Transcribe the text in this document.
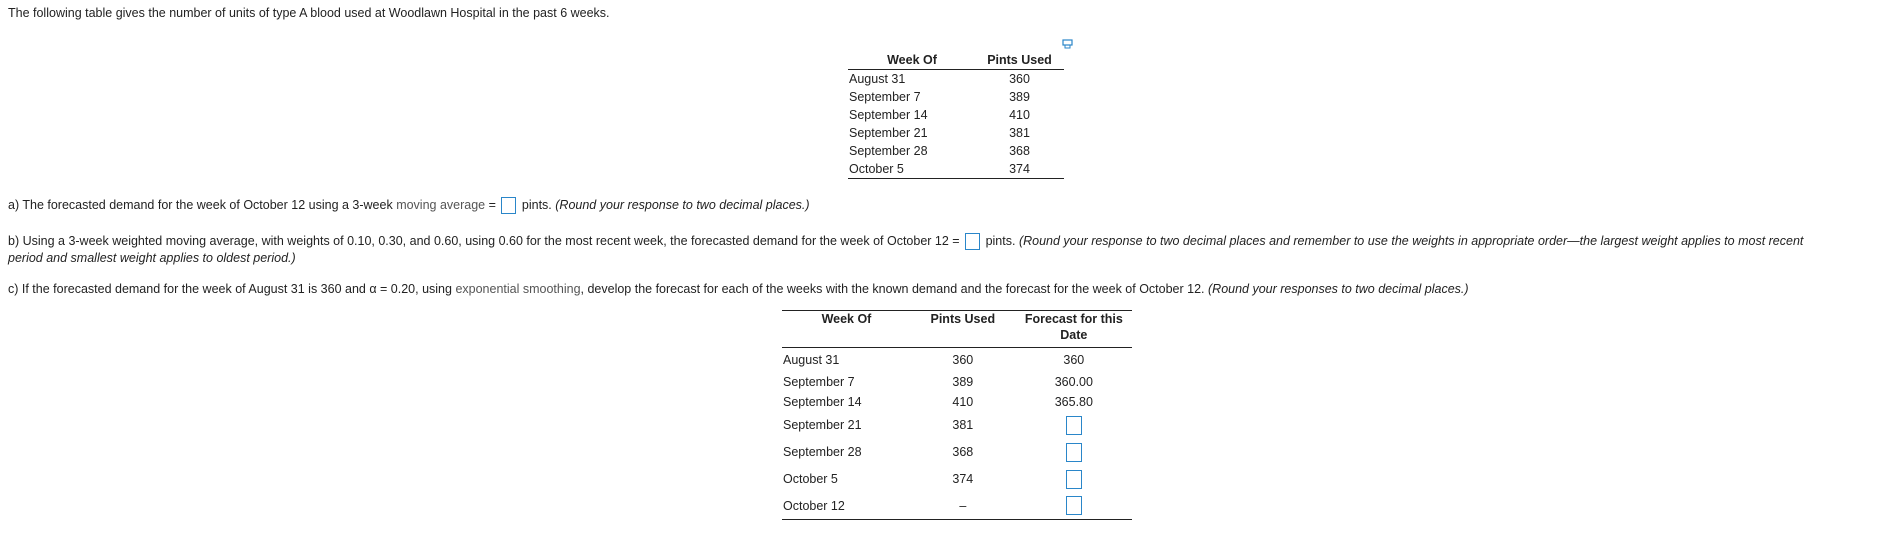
The following table gives the number of units of type A blood used at Woodlawn Hospital in the past 6 weeks.
Week Of	Pints Used
August 31	360
September 7	389
September 14	410
September 21	381
September 28	368
October 5	374
a) The forecasted demand for the week of October 12 using a 3-week moving average = pints. (Round your response to two decimal places.)
b) Using a 3-week weighted moving average, with weights of 0.10, 0.30, and 0.60, using 0.60 for the most recent week, the forecasted demand for the week of October 12 = pints. (Round your response to two decimal places and remember to use the weights in appropriate order—the largest weight applies to most recent
period and smallest weight applies to oldest period.)
c) If the forecasted demand for the week of August 31 is 360 and α = 0.20, using exponential smoothing, develop the forecast for each of the weeks with the known demand and the forecast for the week of October 12. (Round your responses to two decimal places.)
Week Of	Pints Used	Forecast for this Date
August 31	360	360
September 7	389	360.00
September 14	410	365.80
September 21	381	
September 28	368	
October 5	374	
October 12	–	
